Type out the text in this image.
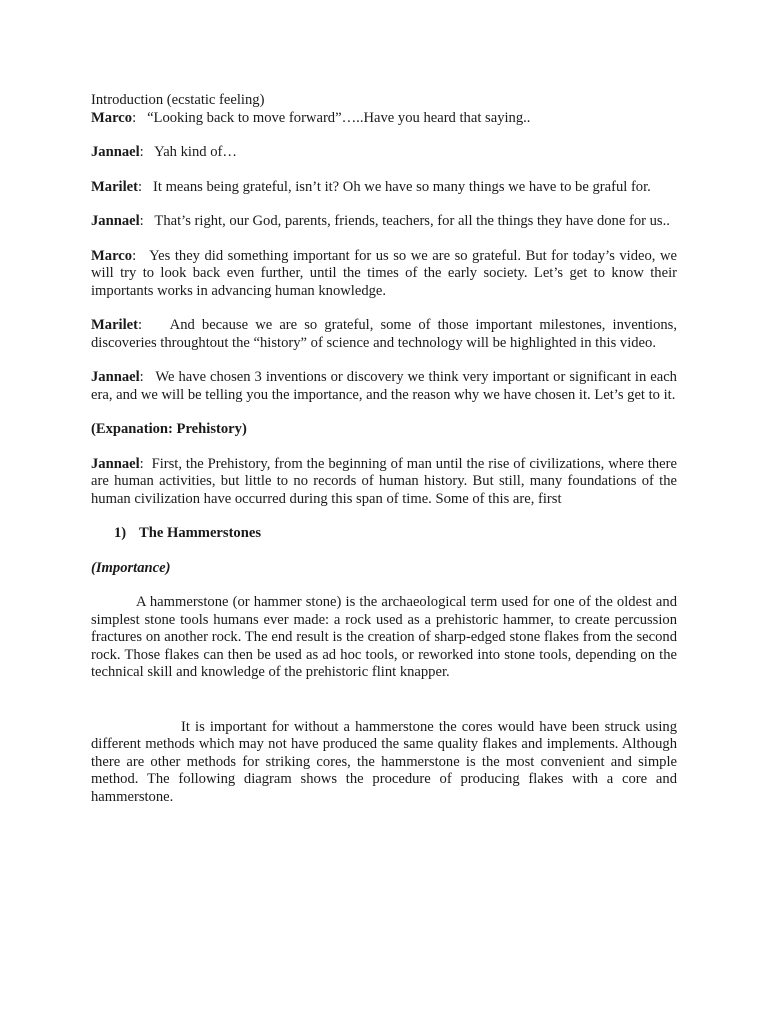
Introduction (ecstatic feeling)

Marco:   “Looking back to move forward”…..Have you heard that saying..

Jannael:   Yah kind of…

Marilet:   It means being grateful, isn’t it? Oh we have so many things we have to be graful for.

Jannael:   That’s right, our God, parents, friends, teachers, for all the things they have done for us..

Marco:   Yes they did something important for us so we are so grateful. But for today’s video, we will try to look back even further, until the times of the early society. Let’s get to know their importants works in advancing human knowledge.

Marilet:    And because we are so grateful, some of those important milestones, inventions, discoveries throughtout the “history” of science and technology will be highlighted in this video.

Jannael:   We have chosen 3 inventions or discovery we think very important or significant in each era, and we will be telling you the importance, and the reason why we have chosen it. Let’s get to it.

(Expanation: Prehistory)

Jannael:  First, the Prehistory, from the beginning of man until the rise of civilizations, where there are human activities, but little to no records of human history. But still, many foundations of the human civilization have occurred during this span of time. Some of this are, first

1) The Hammerstones

(Importance)

A hammerstone (or hammer stone) is the archaeological term used for one of the oldest and simplest stone tools humans ever made: a rock used as a prehistoric hammer, to create percussion fractures on another rock. The end result is the creation of sharp-edged stone flakes from the second rock. Those flakes can then be used as ad hoc tools, or reworked into stone tools, depending on the technical skill and knowledge of the prehistoric flint knapper.

It is important for without a hammerstone the cores would have been struck using different methods which may not have produced the same quality flakes and implements. Although there are other methods for striking cores, the hammerstone is the most convenient and simple method. The following diagram shows the procedure of producing flakes with a core and hammerstone.
